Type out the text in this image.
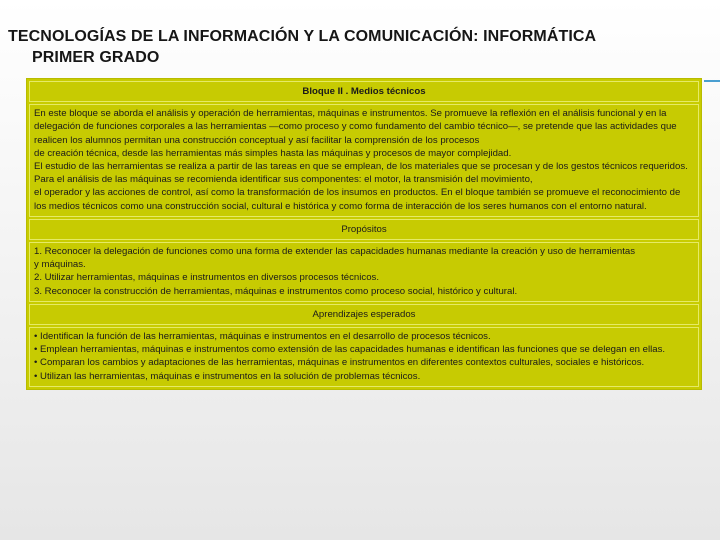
TECNOLOGÍAS DE LA INFORMACIÓN Y LA COMUNICACIÓN: INFORMÁTICA
PRIMER GRADO
Bloque II . Medios técnicos

En este bloque se aborda el análisis y operación de herramientas, máquinas e instrumentos. Se promueve la reflexión en el análisis funcional y en la delegación de funciones corporales a las herramientas —como proceso y como fundamento del cambio técnico—, se pretende que las actividades que realicen los alumnos permitan una construcción conceptual y así facilitar la comprensión de los procesos

de creación técnica, desde las herramientas más simples hasta las máquinas y procesos de mayor complejidad.

El estudio de las herramientas se realiza a partir de las tareas en que se emplean, de los materiales que se procesan y de los gestos técnicos requeridos. Para el análisis de las máquinas se recomienda identificar sus componentes: el motor, la transmisión del movimiento,

el operador y las acciones de control, así como la transformación de los insumos en productos. En el bloque también se promueve el reconocimiento de los medios técnicos como una construcción social, cultural e histórica y como forma de interacción de los seres humanos con el entorno natural.

Propósitos

1. Reconocer la delegación de funciones como una forma de extender las capacidades humanas mediante la creación y uso de herramientas

y máquinas.

2. Utilizar herramientas, máquinas e instrumentos en diversos procesos técnicos.

3. Reconocer la construcción de herramientas, máquinas e instrumentos como proceso social, histórico y cultural.

Aprendizajes esperados

• Identifican la función de las herramientas, máquinas e instrumentos en el desarrollo de procesos técnicos.

• Emplean herramientas, máquinas e instrumentos como extensión de las capacidades humanas e identifican las funciones que se delegan en ellas.

• Comparan los cambios y adaptaciones de las herramientas, máquinas e instrumentos en diferentes contextos culturales, sociales e históricos.

• Utilizan las herramientas, máquinas e instrumentos en la solución de problemas técnicos.
